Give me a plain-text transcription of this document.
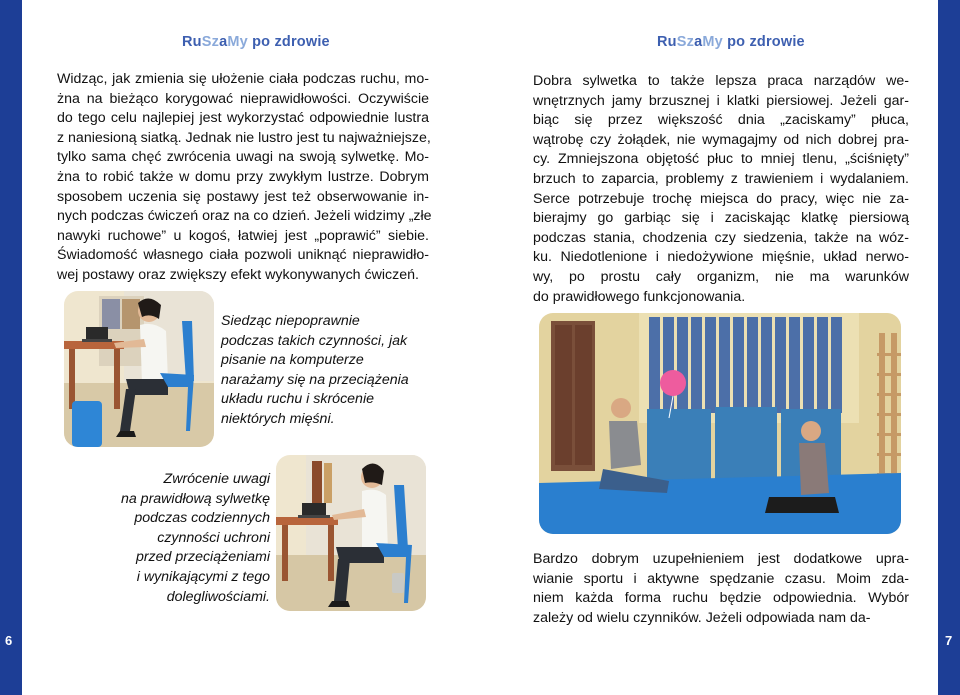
6	7
RuSzaMy po zdrowie	RuSzaMy po zdrowie
Widząc, jak zmienia się ułożenie ciała podczas ruchu, mo-
żna na bieżąco korygować nieprawidłowości. Oczywiście
do tego celu najlepiej jest wykorzystać odpowiednie lustra
z naniesioną siatką. Jednak nie lustro jest tu najważniejsze,
tylko sama chęć zwrócenia uwagi na swoją sylwetkę. Mo-
żna to robić także w domu przy zwykłym lustrze. Dobrym
sposobem uczenia się postawy jest też obserwowanie in-
nych podczas ćwiczeń oraz na co dzień. Jeżeli widzimy „złe
nawyki ruchowe” u kogoś, łatwiej jest „poprawić” siebie.
Świadomość własnego ciała pozwoli uniknąć nieprawidło-
wej postawy oraz zwiększy efekt wykonywanych ćwiczeń.
Siedząc niepoprawnie
podczas takich czynności, jak
pisanie na komputerze
narażamy się na przeciążenia
układu ruchu i skrócenie
niektórych mięśni.
Zwrócenie uwagi
na prawidłową sylwetkę
podczas codziennych
czynności uchroni
przed przeciążeniami
i wynikającymi z tego
dolegliwościami.
Dobra sylwetka to także lepsza praca narządów we-
wnętrznych jamy brzusznej i klatki piersiowej. Jeżeli gar-
biąc się przez większość dnia „zaciskamy” płuca,
wątrobę czy żołądek, nie wymagajmy od nich dobrej pra-
cy. Zmniejszona objętość płuc to mniej tlenu, „ściśnięty”
brzuch to zaparcia, problemy z trawieniem i wydalaniem.
Serce potrzebuje trochę miejsca do pracy, więc nie za-
bierajmy go garbiąc się i zaciskając klatkę piersiową
podczas stania, chodzenia czy siedzenia, także na wóz-
ku. Niedotlenione i niedożywione mięśnie, układ nerwo-
wy, po prostu cały organizm, nie ma warunków
do prawidłowego funkcjonowania.
Bardzo dobrym uzupełnieniem jest dodatkowe upra-
wianie sportu i aktywne spędzanie czasu. Moim zda-
niem każda forma ruchu będzie odpowiednia. Wybór
zależy od wielu czynników. Jeżeli odpowiada nam da-
